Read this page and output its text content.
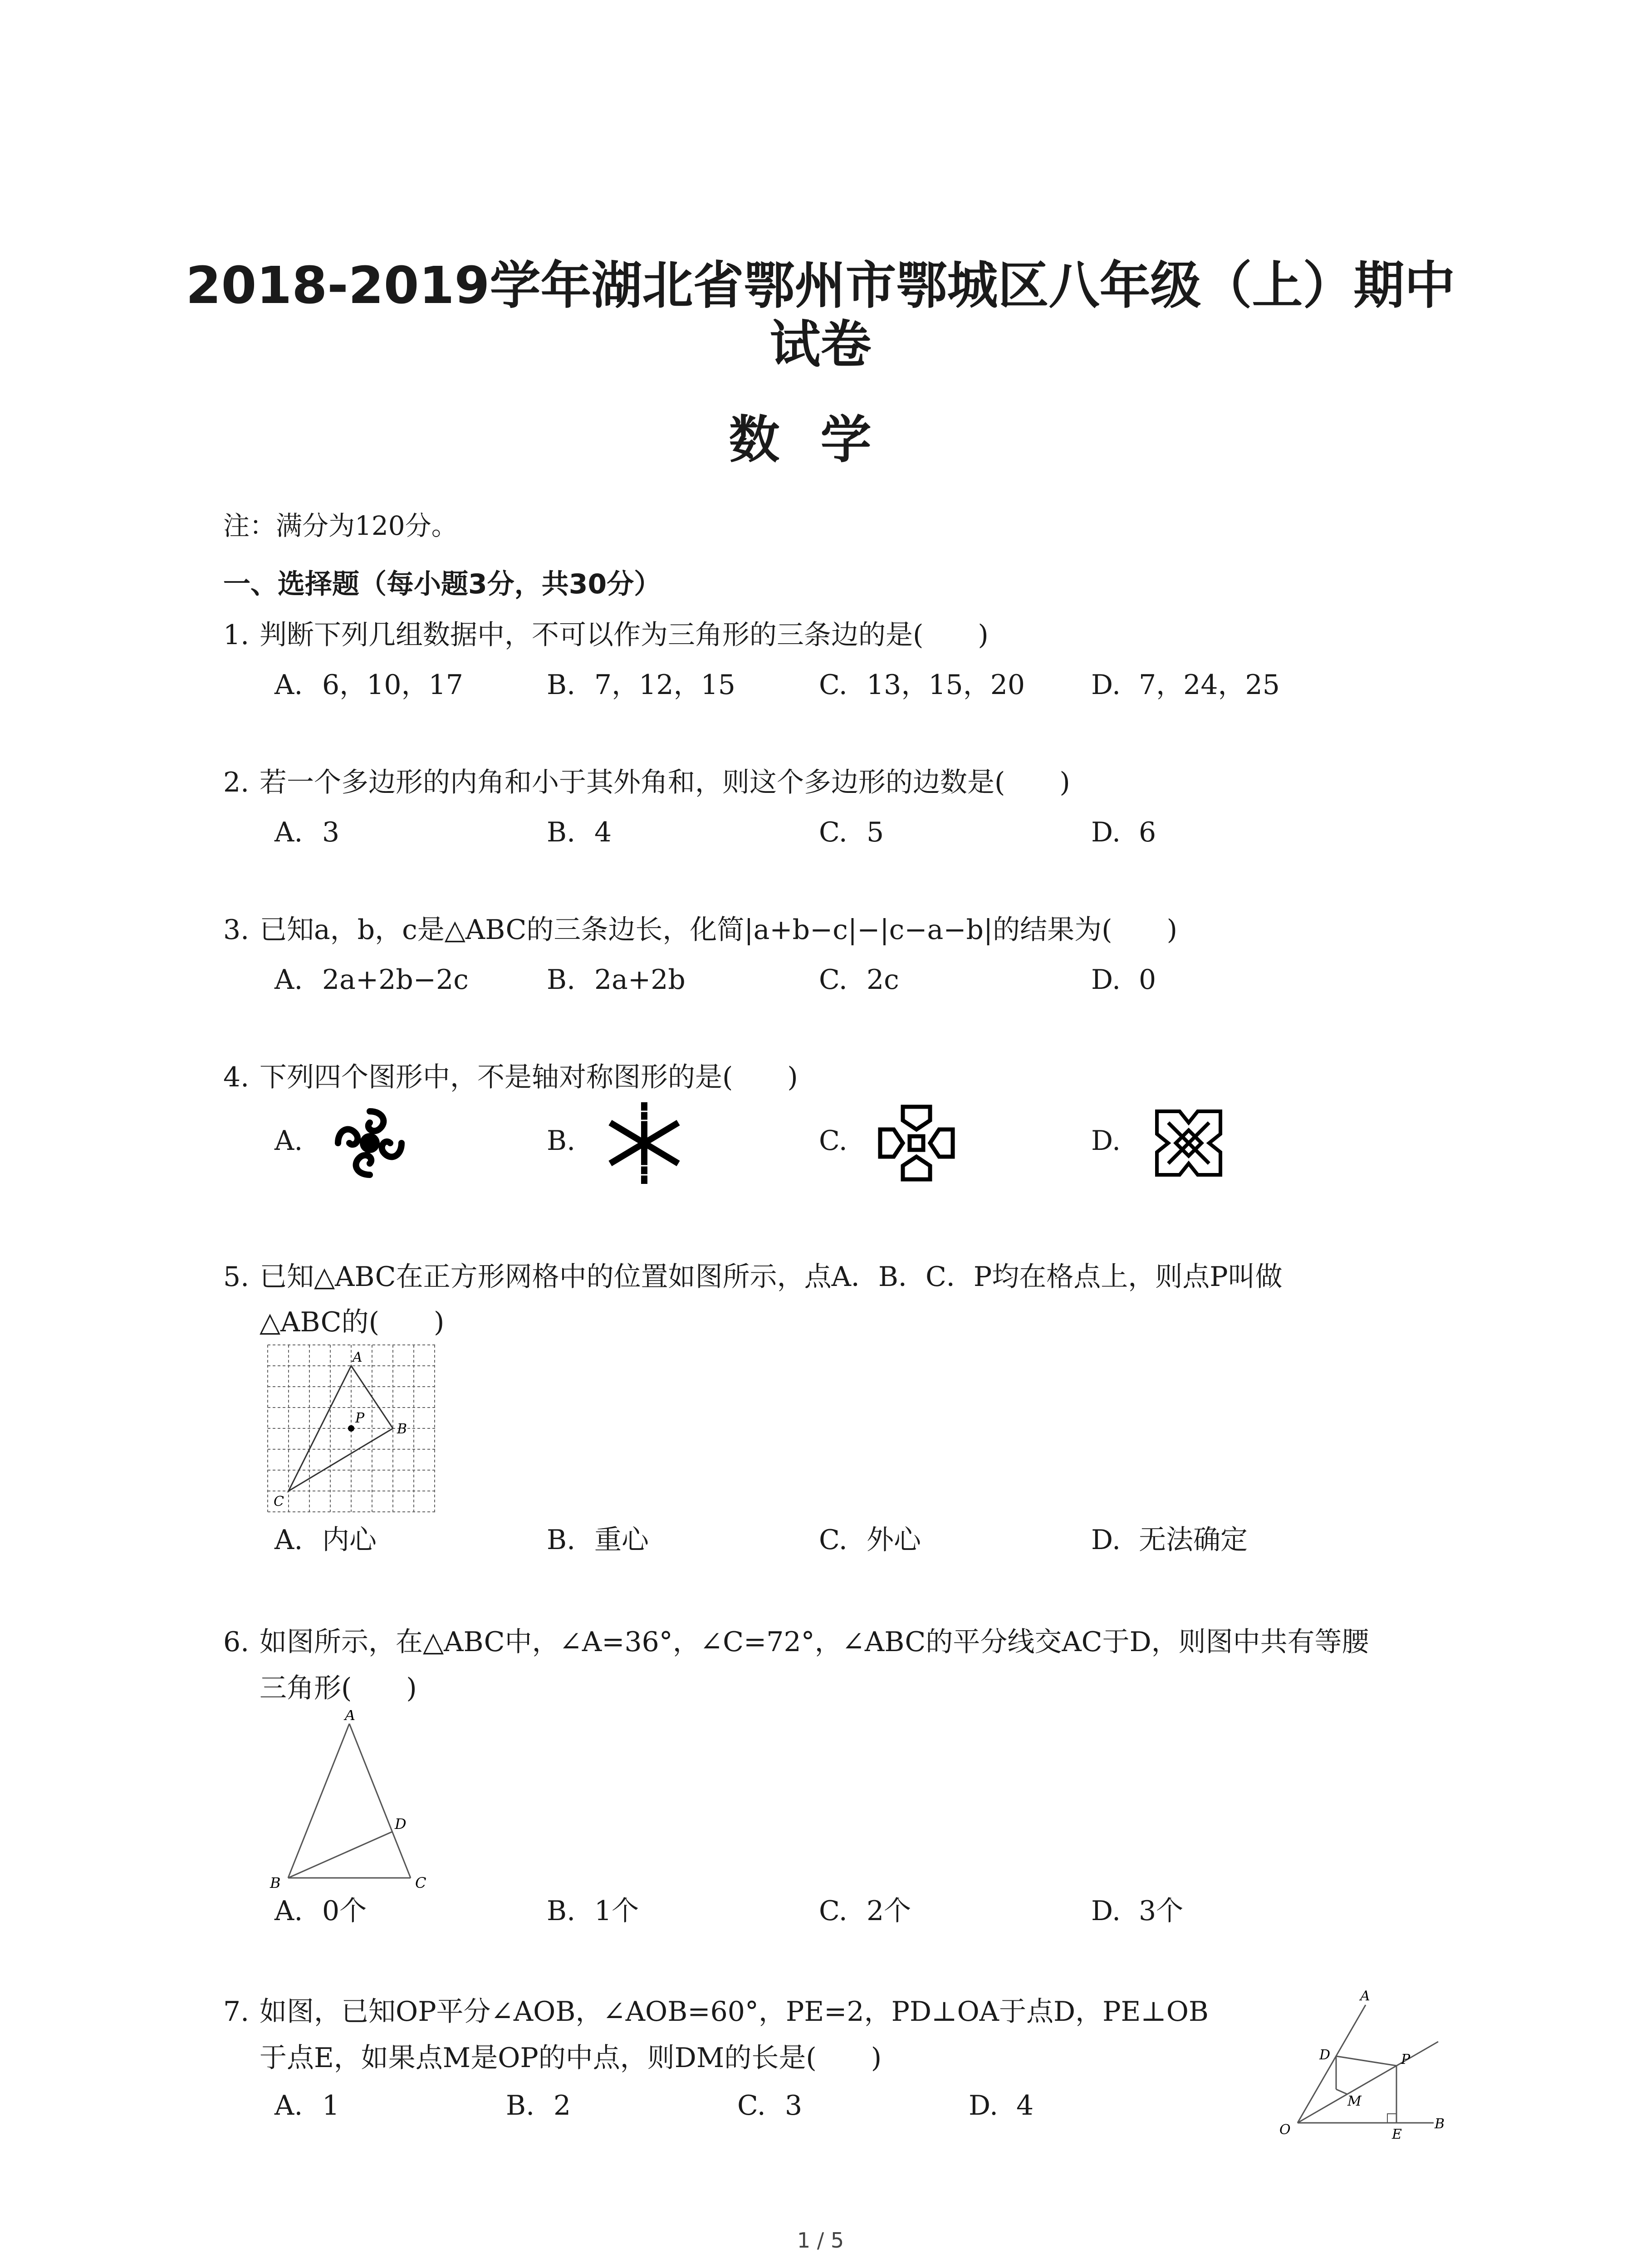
2018-2019学年湖北省鄂州市鄂城区八年级（上）期中
试卷
数学
注：满分为120分。
一、选择题（每小题3分，共30分）
1. 判断下列几组数据中，不可以作为三角形的三条边的是( )
A. 6，10，17	B. 7，12，15	C. 13，15，20 D. 7，24，25
2. 若一个多边形的内角和小于其外角和，则这个多边形的边数是( )
A. 3	B. 4	C. 5	D. 6
3. 已知a，b，c是△ABC的三条边长，化简|a+b−c|−|c−a−b|的结果为( )
A. 2a+2b−2c	B. 2a+2b	C. 2c	D. 0
4. 下列四个图形中，不是轴对称图形的是( )
A.	B.	C.	D.
5. 已知△ABC在正方形网格中的位置如图所示，点A．B．C．P均在格点上，则点P叫做
△ABC的( )
A
B
C
P
A. 内心	B. 重心	C. 外心	D. 无法确定
6. 如图所示，在△ABC中，∠A=36°，∠C=72°，∠ABC的平分线交AC于D，则图中共有等腰
三角形( )
A
B	C
D
A. 0个	B. 1个	C. 2个	D. 3个
7. 如图，已知OP平分∠AOB，∠AOB=60°，PE=2，PD⊥OA于点D，PE⊥OB
于点E，如果点M是OP的中点，则DM的长是( )
A. 1	B. 2	C. 3	D. 4
A
B
O
D
E
P
M
1 / 5
